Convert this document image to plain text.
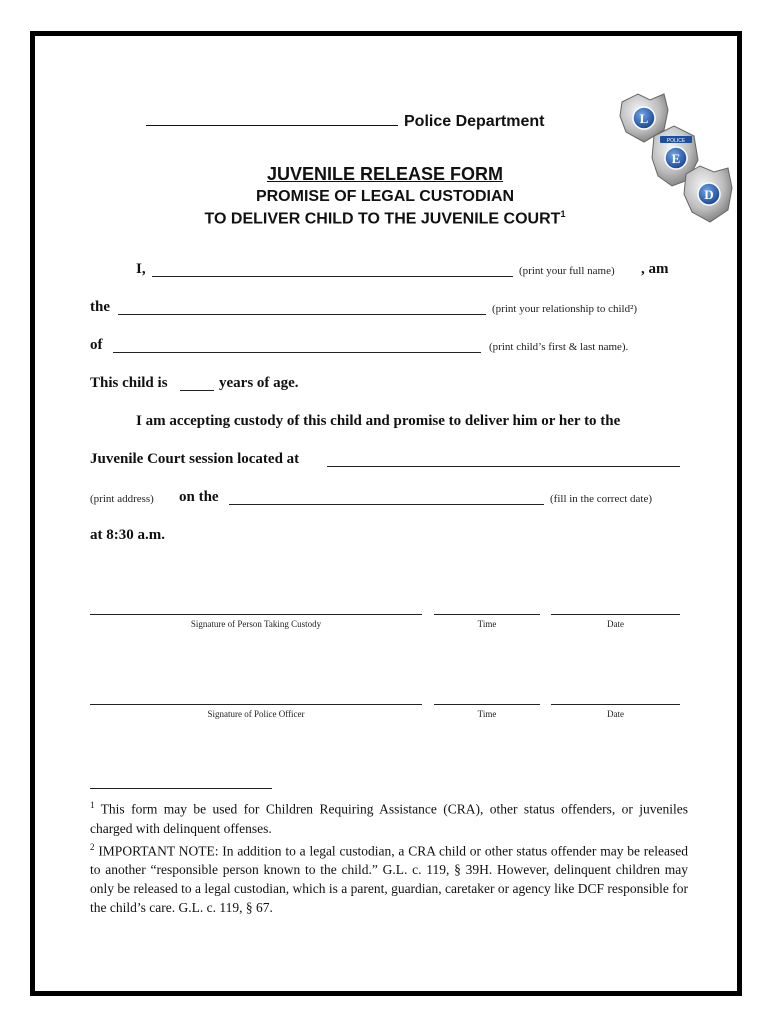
Police Department	L
POLICE
E
D
JUVENILE RELEASE FORM
PROMISE OF LEGAL CUSTODIAN
TO DELIVER CHILD TO THE JUVENILE COURT$^1$
I,	(print your full name) , am
the	(print your relationship to child²)
of	(print child’s first & last name).
This child is	years of age.
I am accepting custody of this child and promise to deliver him or her to the
Juvenile Court session located at
(print address) on the	(fill in the correct date)
at 8:30 a.m.
Signature of Person Taking Custody	Time	Date
Signature of Police Officer	Time	Date

$^1$ This form may be used for Children Requiring Assistance (CRA), other status offenders, or juveniles charged with delinquent offenses.

$^2$ IMPORTANT NOTE: In addition to a legal custodian, a CRA child or other status offender may be released to another “responsible person known to the child.” G.L. c. 119, § 39H. However, delinquent children may only be released to a legal custodian, which is a parent, guardian, caretaker or agency like DCF responsible for the child’s care. G.L. c. 119, § 67.
